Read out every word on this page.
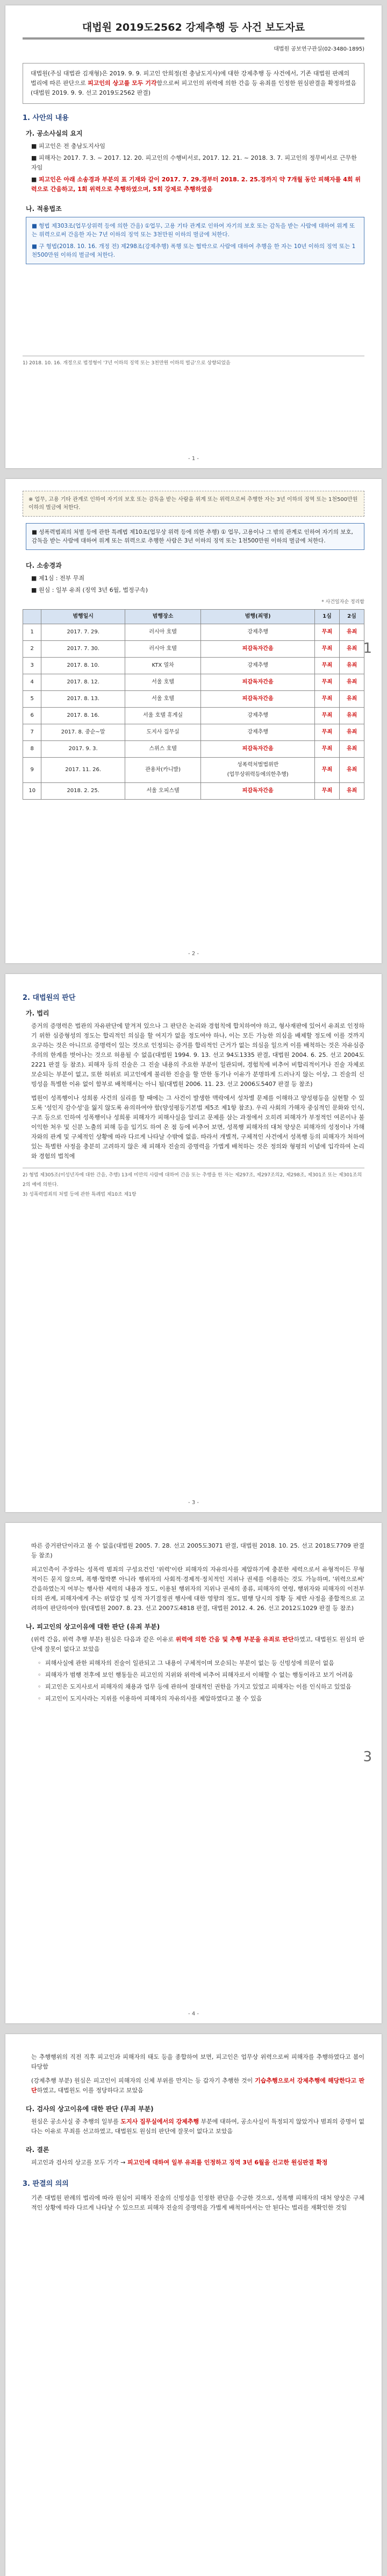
대법원 2019도2562 강제추행 등 사건 보도자료
대법원 공보연구관실(02-3480-1895)
대법원(주심 대법관 김재형)은 2019. 9. 9. 피고인 안희정(전 충남도지사)에 대한 강제추행 등 사건에서, 기존 대법원 판례의 법리에 따른 판단으로 피고인의 상고를 모두 기각함으로써 피고인의 위력에 의한 간음 등 유죄를 인정한 원심판결을 확정하였음(대법원 2019. 9. 9. 선고 2019도2562 판결)
1. 사안의 내용
가. 공소사실의 요지
■ 피고인은 전 충남도지사임
■ 피해자는 2017. 7. 3. ~ 2017. 12. 20. 피고인의 수행비서로, 2017. 12. 21. ~ 2018. 3. 7. 피고인의 정무비서로 근무한 자임
■ 피고인은 아래 소송경과 부분의 표 기재와 같이 2017. 7. 29.경부터 2018. 2. 25.경까지 약 7개월 동안 피해자를 4회 위력으로 간음하고, 1회 위력으로 추행하였으며, 5회 강제로 추행하였음
나. 적용법조
■ 형법 제303조(업무상위력 등에 의한 간음) ①업무, 고용 기타 관계로 인하여 자기의 보호 또는 감독을 받는 사람에 대하여 위계 또는 위력으로써 간음한 자는 7년 이하의 징역 또는 3천만원 이하의 벌금에 처한다.
■ 구 형법(2018. 10. 16. 개정 전) 제298조(강제추행) 폭행 또는 협박으로 사람에 대하여 추행을 한 자는 10년 이하의 징역 또는 1천500만원 이하의 벌금에 처한다.
1) 2018. 10. 16. 개정으로 법정형이 '7년 이하의 징역 또는 3천만원 이하의 벌금'으로 상향되었음
- 1 -
1
※ 업무, 고용 기타 관계로 인하여 자기의 보호 또는 감독을 받는 사람을 위계 또는 위력으로써 추행한 자는 3년 이하의 징역 또는 1천500만원 이하의 벌금에 처한다.
■ 성폭력범죄의 처벌 등에 관한 특례법 제10조(업무상 위력 등에 의한 추행) ① 업무, 고용이나 그 밖의 관계로 인하여 자기의 보호, 감독을 받는 사람에 대하여 위계 또는 위력으로 추행한 사람은 3년 이하의 징역 또는 1천500만원 이하의 벌금에 처한다.
다. 소송경과
■ 제1심 : 전부 무죄
■ 원심 : 일부 유죄 (징역 3년 6월, 법정구속)
* 사건일자순 정리함
	범행일시	범행장소	범행(죄명)	1심	2심
1	2017. 7. 29.	러시아 호텔	강제추행	무죄	유죄
2	2017. 7. 30.	러시아 호텔	피감독자간음	무죄	유죄
3	2017. 8. 10.	KTX 열차	강제추행	무죄	유죄
4	2017. 8. 12.	서울 호텔	피감독자간음	무죄	유죄
5	2017. 8. 13.	서울 호텔	피감독자간음	무죄	유죄
6	2017. 8. 16.	서울 호텔 휴게실	강제추행	무죄	유죄
7	2017. 8. 중순~말	도지사 집무실	강제추행	무죄	유죄
8	2017. 9. 3.	스위스 호텔	피감독자간음	무죄	유죄
9	2017. 11. 26.	관용차(카니발)	성폭력처벌법위반
(업무상위력등에의한추행)	무죄	유죄
10	2018. 2. 25.	서울 오피스텔	피감독자간음	무죄	유죄
- 2 -
2. 대법원의 판단
가. 법리

증거의 증명력은 법관의 자유판단에 맡겨져 있으나 그 판단은 논리와 경험칙에 합치하여야 하고, 형사재판에 있어서 유죄로 인정하기 위한 심증형성의 정도는 합리적인 의심을 할 여지가 없을 정도여야 하나, 이는 모든 가능한 의심을 배제할 정도에 이를 것까지 요구하는 것은 아니므로 증명력이 있는 것으로 인정되는 증거를 합리적인 근거가 없는 의심을 일으켜 이를 배척하는 것은 자유심증주의의 한계를 벗어나는 것으로 허용될 수 없음(대법원 1994. 9. 13. 선고 94도1335 판결, 대법원 2004. 6. 25. 선고 2004도2221 판결 등 참조). 피해자 등의 진술은 그 진술 내용의 주요한 부분이 일관되며, 경험칙에 비추어 비합리적이거나 진술 자체로 모순되는 부분이 없고, 또한 허위로 피고인에게 불리한 진술을 할 만한 동기나 이유가 분명하게 드러나지 않는 이상, 그 진술의 신빙성을 특별한 이유 없이 함부로 배척해서는 아니 됨(대법원 2006. 11. 23. 선고 2006도5407 판결 등 참조)

법원이 성폭행이나 성희롱 사건의 심리를 할 때에는 그 사건이 발생한 맥락에서 성차별 문제를 이해하고 양성평등을 실현할 수 있도록 '성인지 감수성'을 잃지 않도록 유의하여야 함(양성평등기본법 제5조 제1항 참조). 우리 사회의 가해자 중심적인 문화와 인식, 구조 등으로 인하여 성폭행이나 성희롱 피해자가 피해사실을 알리고 문제를 삼는 과정에서 오히려 피해자가 부정적인 여론이나 불이익한 처우 및 신분 노출의 피해 등을 입기도 하여 온 점 등에 비추어 보면, 성폭행 피해자의 대처 양상은 피해자의 성정이나 가해자와의 관계 및 구체적인 상황에 따라 다르게 나타날 수밖에 없음. 따라서 개별적, 구체적인 사건에서 성폭행 등의 피해자가 처하여 있는 특별한 사정을 충분히 고려하지 않은 채 피해자 진술의 증명력을 가볍게 배척하는 것은 정의와 형평의 이념에 입각하여 논리와 경험의 법칙에

2) 형법 제305조(미성년자에 대한 간음, 추행) 13세 미만의 사람에 대하여 간음 또는 추행을 한 자는 제297조, 제297조의2, 제298조, 제301조 또는 제301조의2의 예에 의한다.
3) 성폭력범죄의 처벌 등에 관한 특례법 제10조 제1항
- 3 -
3

따른 증거판단이라고 볼 수 없음(대법원 2005. 7. 28. 선고 2005도3071 판결, 대법원 2018. 10. 25. 선고 2018도7709 판결 등 참조)

피고인측이 주장하는 성폭력 범죄의 구성요건인 '위력'이란 피해자의 자유의사를 제압하기에 충분한 세력으로서 유형적이든 무형적이든 묻지 않으며, 폭행·협박뿐 아니라 행위자의 사회적·경제적·정치적인 지위나 권세를 이용하는 것도 가능하며, '위력으로써' 간음하였는지 여부는 행사한 세력의 내용과 정도, 이용된 행위자의 지위나 권세의 종류, 피해자의 연령, 행위자와 피해자의 이전부터의 관계, 피해자에게 주는 위압감 및 성적 자기결정권 행사에 대한 영향의 정도, 범행 당시의 정황 등 제반 사정을 종합적으로 고려하여 판단하여야 함(대법원 2007. 8. 23. 선고 2007도4818 판결, 대법원 2012. 4. 26. 선고 2012도1029 판결 등 참조)

나. 피고인의 상고이유에 대한 판단 (유죄 부분)

(위력 간음, 위력 추행 부분) 원심은 다음과 같은 이유로 위력에 의한 간음 및 추행 부분을 유죄로 판단하였고, 대법원도 원심의 판단에 잘못이 없다고 보았음

◦ 피해사실에 관한 피해자의 진술이 일관되고 그 내용이 구체적이며 모순되는 부분이 없는 등 신빙성에 의문이 없음
◦ 피해자가 범행 전후에 보인 행동들은 피고인의 지위와 위력에 비추어 피해자로서 이해할 수 없는 행동이라고 보기 어려움
◦ 피고인은 도지사로서 피해자의 채용과 업무 등에 관하여 절대적인 권한을 가지고 있었고 피해자는 이를 인식하고 있었음
◦ 피고인이 도지사라는 지위를 이용하여 피해자의 자유의사를 제압하였다고 볼 수 있음
- 4 -

는 추행행위의 직전 직후 피고인과 피해자의 태도 등을 종합하여 보면, 피고인은 업무상 위력으로써 피해자를 추행하였다고 봄이 타당함

(강제추행 부분) 원심은 피고인이 피해자의 신체 부위를 만지는 등 갑자기 추행한 것이 기습추행으로서 강제추행에 해당한다고 판단하였고, 대법원도 이를 정당하다고 보았음

다. 검사의 상고이유에 대한 판단 (무죄 부분)

원심은 공소사실 중 추행의 일부를 도지사 집무실에서의 강제추행 부분에 대하여, 공소사실이 특정되지 않았거나 범죄의 증명이 없다는 이유로 무죄를 선고하였고, 대법원도 원심의 판단에 잘못이 없다고 보았음

라. 결론

피고인과 검사의 상고를 모두 기각 → 피고인에 대하여 일부 유죄를 인정하고 징역 3년 6월을 선고한 원심판결 확정

3. 판결의 의의

기존 대법원 판례의 법리에 따라 원심이 피해자 진술의 신빙성을 인정한 판단을 수긍한 것으로, 성폭행 피해자의 대처 양상은 구체적인 상황에 따라 다르게 나타날 수 있으므로 피해자 진술의 증명력을 가볍게 배척하여서는 안 된다는 법리를 재확인한 것임
